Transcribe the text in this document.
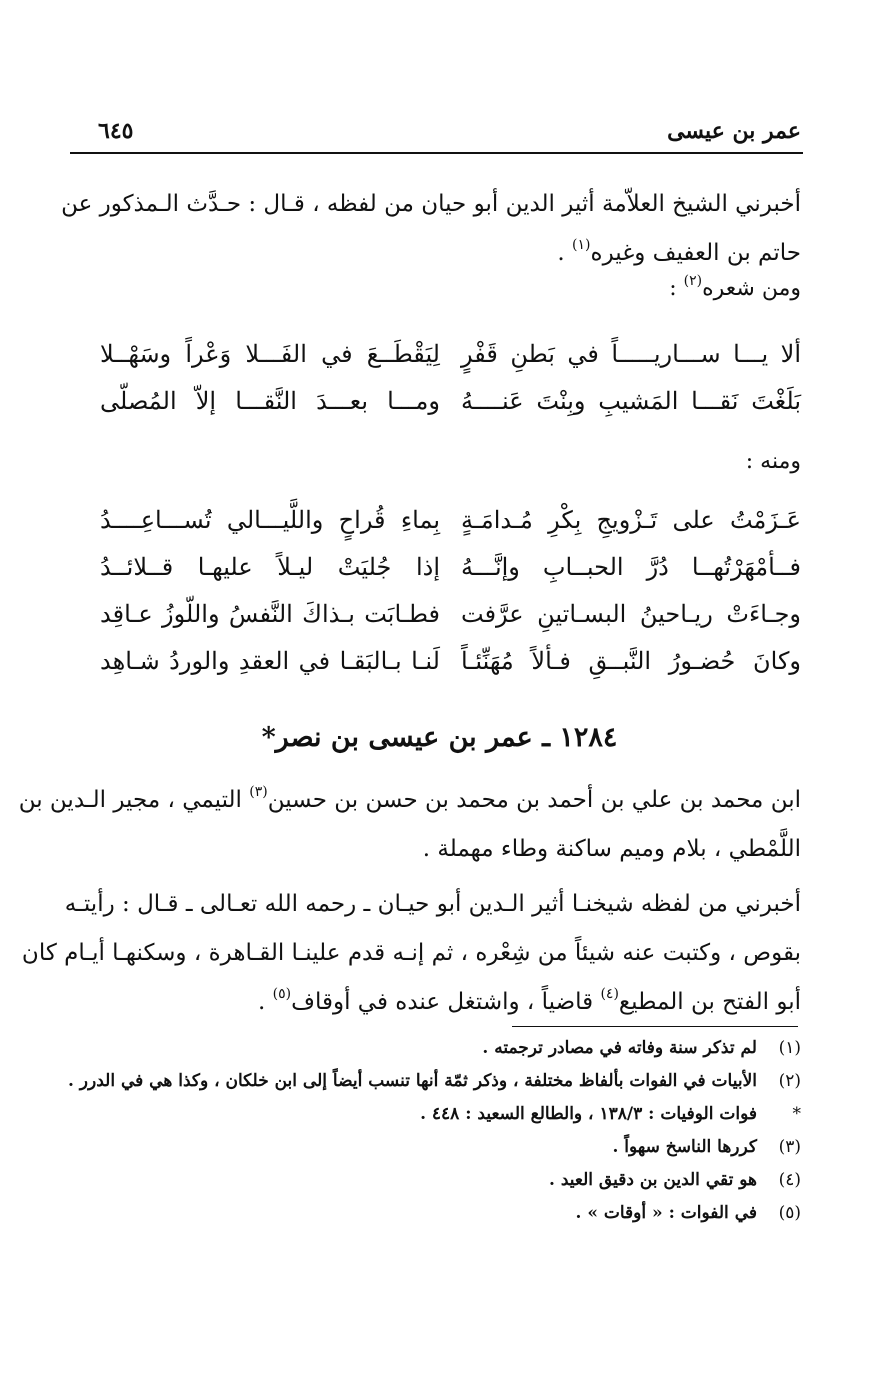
عمر بن عيسى
٦٤٥
أخبرني الشيخ العلاّمة أثير الدين أبو حيان من لفظه ، قـال : حـدَّث الـمذكور عن
حاتم بن العفيف وغيره$^{(١)}$ .
ومن شعره$^{(٢)}$ :
ألا يـــا ســـاريـــــاً في بَطنِ قَفْرٍ
لِيَقْطَــعَ في الفَـــلا وَعْراً وسَهْــلا
بَلَغْتَ نَقـــا المَشيبِ وبِنْتَ عَنــــهُ
ومـــا بعـــدَ النَّقـــا إلاّ المُصلّى
ومنه :
عَـزَمْتُ على تَـزْويجِ بِكْرِ مُـدامَـةٍ
بِماءِ قُراحٍ واللَّيـــالي تُســـاعِــــدُ
فــأمْهَرْتُهــا دُرَّ الحبــابِ وإنَّـــهُ
إذا جُليَتْ ليـلاً عليهـا قــلائــدُ
وجـاءَتْ ريـاحينُ البسـاتينِ عرَّفت
فطـابَت بـذاكَ النَّفسُ واللّوزُ عـاقِد
وكانَ حُضـورُ النَّبــقِ فـألاً مُهَنِّئـاً
لَنـا بـالبَقـا في العقدِ والوردُ شـاهِد
١٢٨٤ ـ عمر بن عيسى بن نصر*
ابن محمد بن علي بن أحمد بن محمد بن حسن بن حسين$^{(٣)}$ التيمي ، مجير الـدين بن
اللَّمْطي ، بلام وميم ساكنة وطاء مهملة .
أخبرني من لفظه شيخنـا أثير الـدين أبو حيـان ـ رحمه الله تعـالى ـ قـال : رأيتـه
بقوص ، وكتبت عنه شيئاً من شِعْره ، ثم إنـه قدم علينـا القـاهرة ، وسكنهـا أيـام كان
أبو الفتح بن المطيع$^{(٤)}$ قاضياً ، واشتغل عنده في أوقاف$^{(٥)}$ .
(١)
لم تذكر سنة وفاته في مصادر ترجمته .
(٢)
الأبيات في الفوات بألفاظ مختلفة ، وذكر ثمّة أنها تنسب أيضاً إلى ابن خلكان ، وكذا هي في الدرر .
*
فوات الوفيات : ١٣٨/٣ ، والطالع السعيد : ٤٤٨ .
(٣)
كررها الناسخ سهواً .
(٤)
هو تقي الدين بن دقيق العيد .
(٥)
في الفوات : « أوقات » .
